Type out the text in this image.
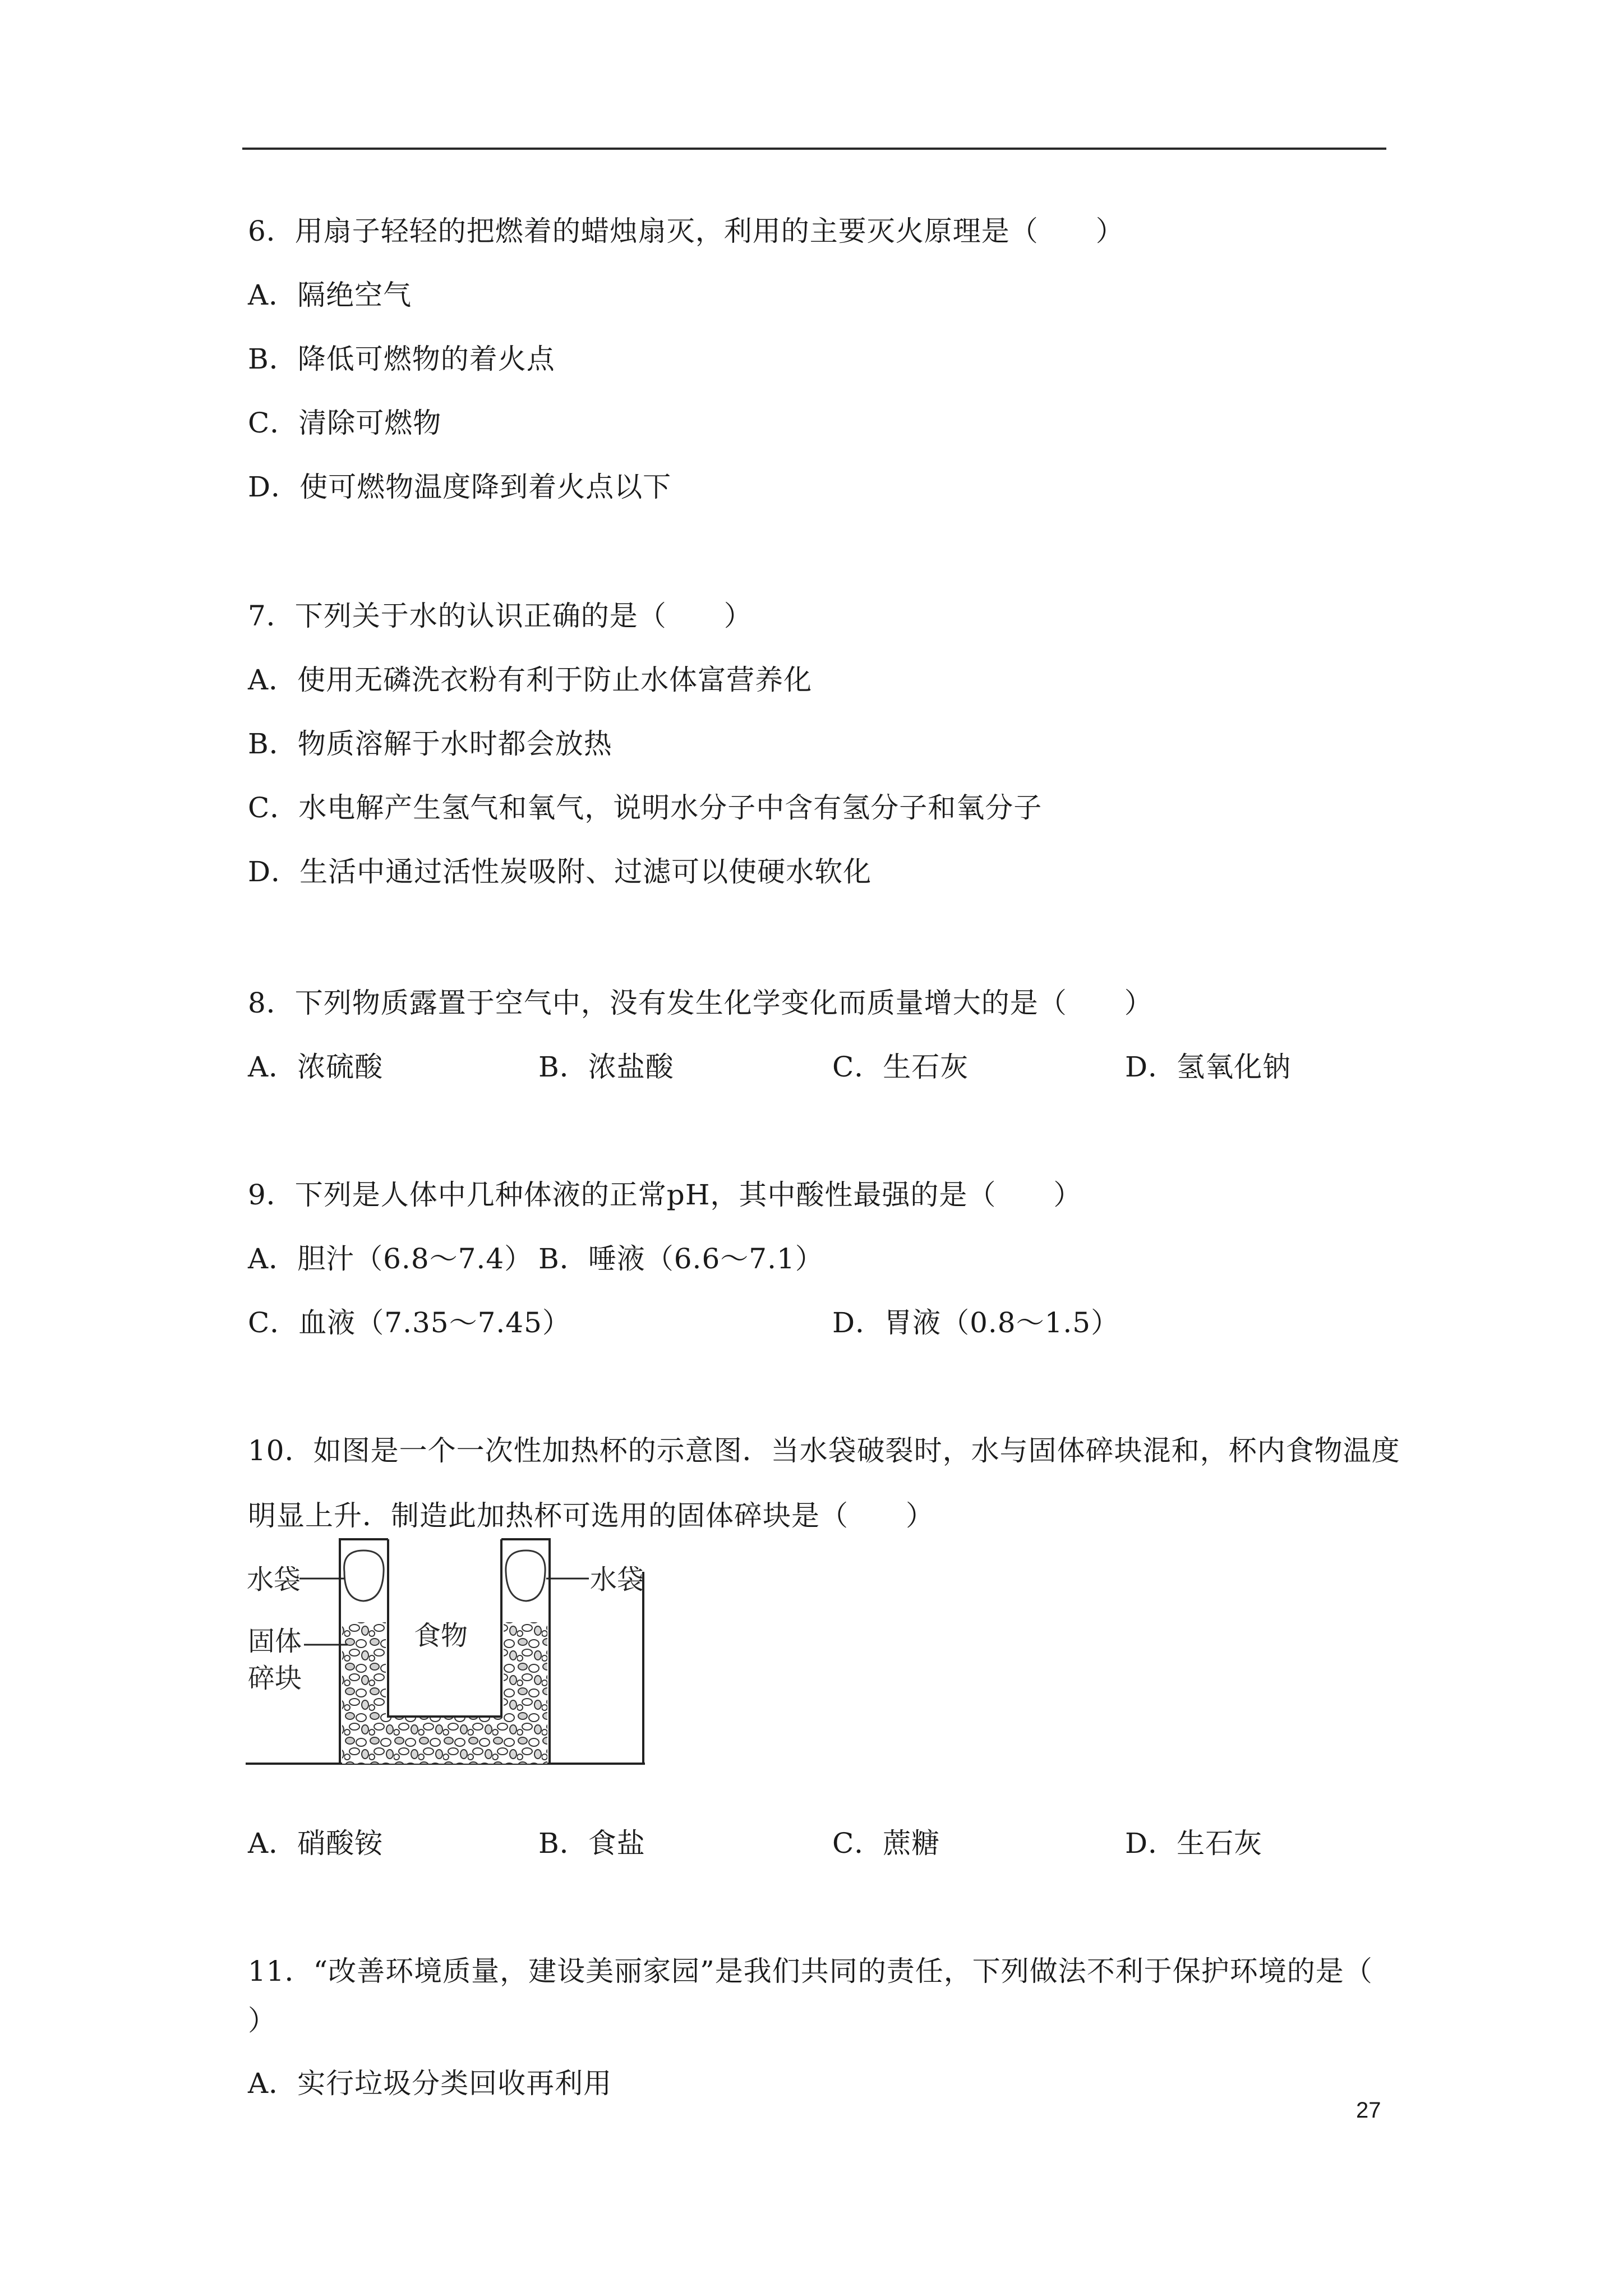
6．用扇子轻轻的把燃着的蜡烛扇灭，利用的主要灭火原理是（　　）
A．隔绝空气
B．降低可燃物的着火点
C．清除可燃物
D．使可燃物温度降到着火点以下
7．下列关于水的认识正确的是（　　）
A．使用无磷洗衣粉有利于防止水体富营养化
B．物质溶解于水时都会放热
C．水电解产生氢气和氧气，说明水分子中含有氢分子和氧分子
D．生活中通过活性炭吸附、过滤可以使硬水软化
8．下列物质露置于空气中，没有发生化学变化而质量增大的是（　　）
A．浓硫酸	B．浓盐酸	C．生石灰	D．氢氧化钠
9．下列是人体中几种体液的正常pH，其中酸性最强的是（　　）
A．胆汁（6.8～7.4） B．唾液（6.6～7.1）
C．血液（7.35～7.45）	D．胃液（0.8～1.5）
10．如图是一个一次性加热杯的示意图．当水袋破裂时，水与固体碎块混和，杯内食物温度
明显上升．制造此加热杯可选用的固体碎块是（　　）
水袋	水袋
固体
碎块
食物
A．硝酸铵	B．食盐	C．蔗糖	D．生石灰
11．“改善环境质量，建设美丽家园”是我们共同的责任，下列做法不利于保护环境的是（
）
A．实行垃圾分类回收再利用
27
